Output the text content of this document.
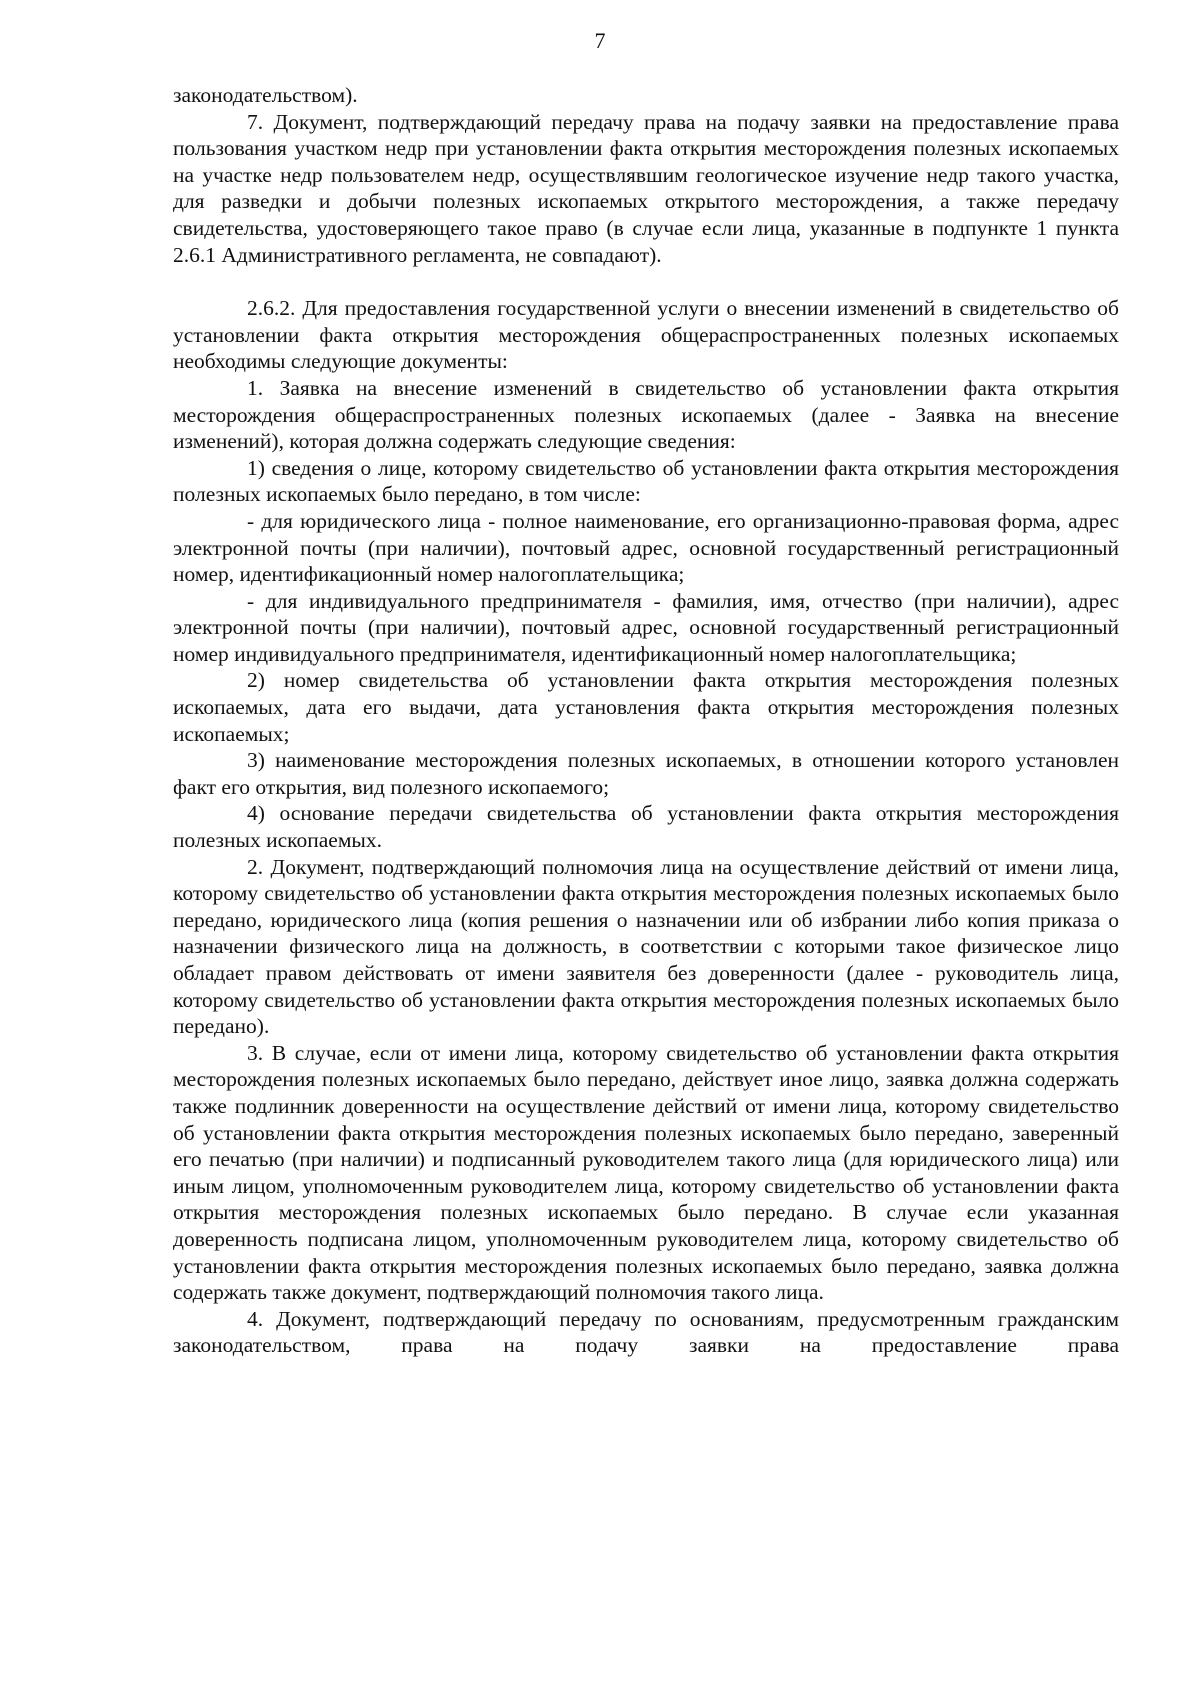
7

законодательством).

7. Документ, подтверждающий передачу права на подачу заявки на предоставление права пользования участком недр при установлении факта открытия месторождения полезных ископаемых на участке недр пользователем недр, осуществлявшим геологическое изучение недр такого участка, для разведки и добычи полезных ископаемых открытого месторождения, а также передачу свидетельства, удостоверяющего такое право (в случае если лица, указанные в подпункте 1 пункта 2.6.1 Административного регламента, не совпадают).

2.6.2. Для предоставления государственной услуги о внесении изменений в свидетельство об установлении факта открытия месторождения общераспространенных полезных ископаемых необходимы следующие документы:

1. Заявка на внесение изменений в свидетельство об установлении факта открытия месторождения общераспространенных полезных ископаемых (далее - Заявка на внесение изменений), которая должна содержать следующие сведения:

1) сведения о лице, которому свидетельство об установлении факта открытия месторождения полезных ископаемых было передано, в том числе:

- для юридического лица - полное наименование, его организационно-правовая форма, адрес электронной почты (при наличии), почтовый адрес, основной государственный регистрационный номер, идентификационный номер налогоплательщика;

- для индивидуального предпринимателя - фамилия, имя, отчество (при наличии), адрес электронной почты (при наличии), почтовый адрес, основной государственный регистрационный номер индивидуального предпринимателя, идентификационный номер налогоплательщика;

2) номер свидетельства об установлении факта открытия месторождения полезных ископаемых, дата его выдачи, дата установления факта открытия месторождения полезных ископаемых;

3) наименование месторождения полезных ископаемых, в отношении которого установлен факт его открытия, вид полезного ископаемого;

4) основание передачи свидетельства об установлении факта открытия месторождения полезных ископаемых.

2. Документ, подтверждающий полномочия лица на осуществление действий от имени лица, которому свидетельство об установлении факта открытия месторождения полезных ископаемых было передано, юридического лица (копия решения о назначении или об избрании либо копия приказа о назначении физического лица на должность, в соответствии с которыми такое физическое лицо обладает правом действовать от имени заявителя без доверенности (далее - руководитель лица, которому свидетельство об установлении факта открытия месторождения полезных ископаемых было передано).

3. В случае, если от имени лица, которому свидетельство об установлении факта открытия месторождения полезных ископаемых было передано, действует иное лицо, заявка должна содержать также подлинник доверенности на осуществление действий от имени лица, которому свидетельство об установлении факта открытия месторождения полезных ископаемых было передано, заверенный его печатью (при наличии) и подписанный руководителем такого лица (для юридического лица) или иным лицом, уполномоченным руководителем лица, которому свидетельство об установлении факта открытия месторождения полезных ископаемых было передано. В случае если указанная доверенность подписана лицом, уполномоченным руководителем лица, которому свидетельство об установлении факта открытия месторождения полезных ископаемых было передано, заявка должна содержать также документ, подтверждающий полномочия такого лица.

4. Документ, подтверждающий передачу по основаниям, предусмотренным гражданским законодательством, права на подачу заявки на предоставление права
